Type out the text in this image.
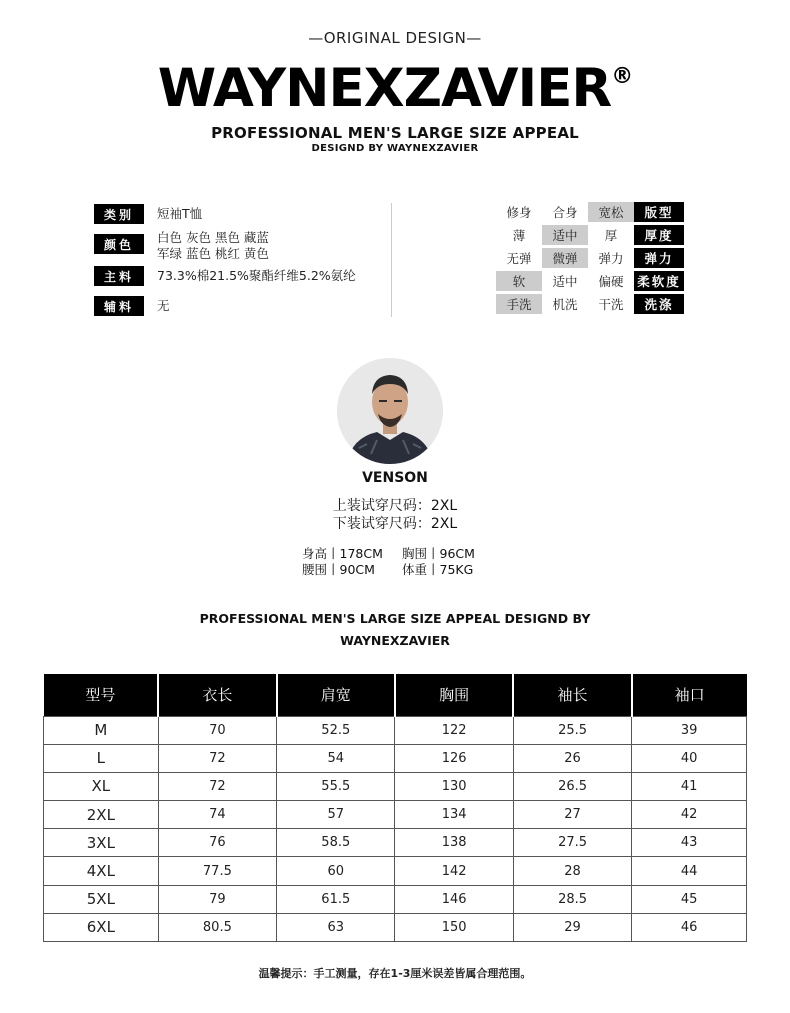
—ORIGINAL DESIGN—
WAYNEXZAVIER®
PROFESSIONAL MEN'S LARGE SIZE APPEAL
DESIGND BY WAYNEXZAVIER
类别	短袖T恤
颜色	白色 灰色 黑色 藏蓝
军绿 蓝色 桃红 黄色
主料	73.3%棉21.5%聚酯纤维5.2%氨纶
辅料	无
修身	合身	宽松	版型
薄	适中	厚	厚度
无弹	微弹	弹力	弹力
软	适中	偏硬	柔软度
手洗	机洗	干洗	洗涤
VENSON
上装试穿尺码：2XL
下装试穿尺码：2XL
身高丨178CM 胸围丨96CM
腰围丨90CM 体重丨75KG
PROFESSIONAL MEN'S LARGE SIZE APPEAL DESIGND BY
WAYNEXZAVIER
型号	衣长	肩宽	胸围	袖长	袖口
M	70	52.5	122	25.5	39
L	72	54	126	26	40
XL	72	55.5	130	26.5	41
2XL	74	57	134	27	42
3XL	76	58.5	138	27.5	43
4XL	77.5	60	142	28	44
5XL	79	61.5	146	28.5	45
6XL	80.5	63	150	29	46
温馨提示：手工测量，存在1-3厘米误差皆属合理范围。
